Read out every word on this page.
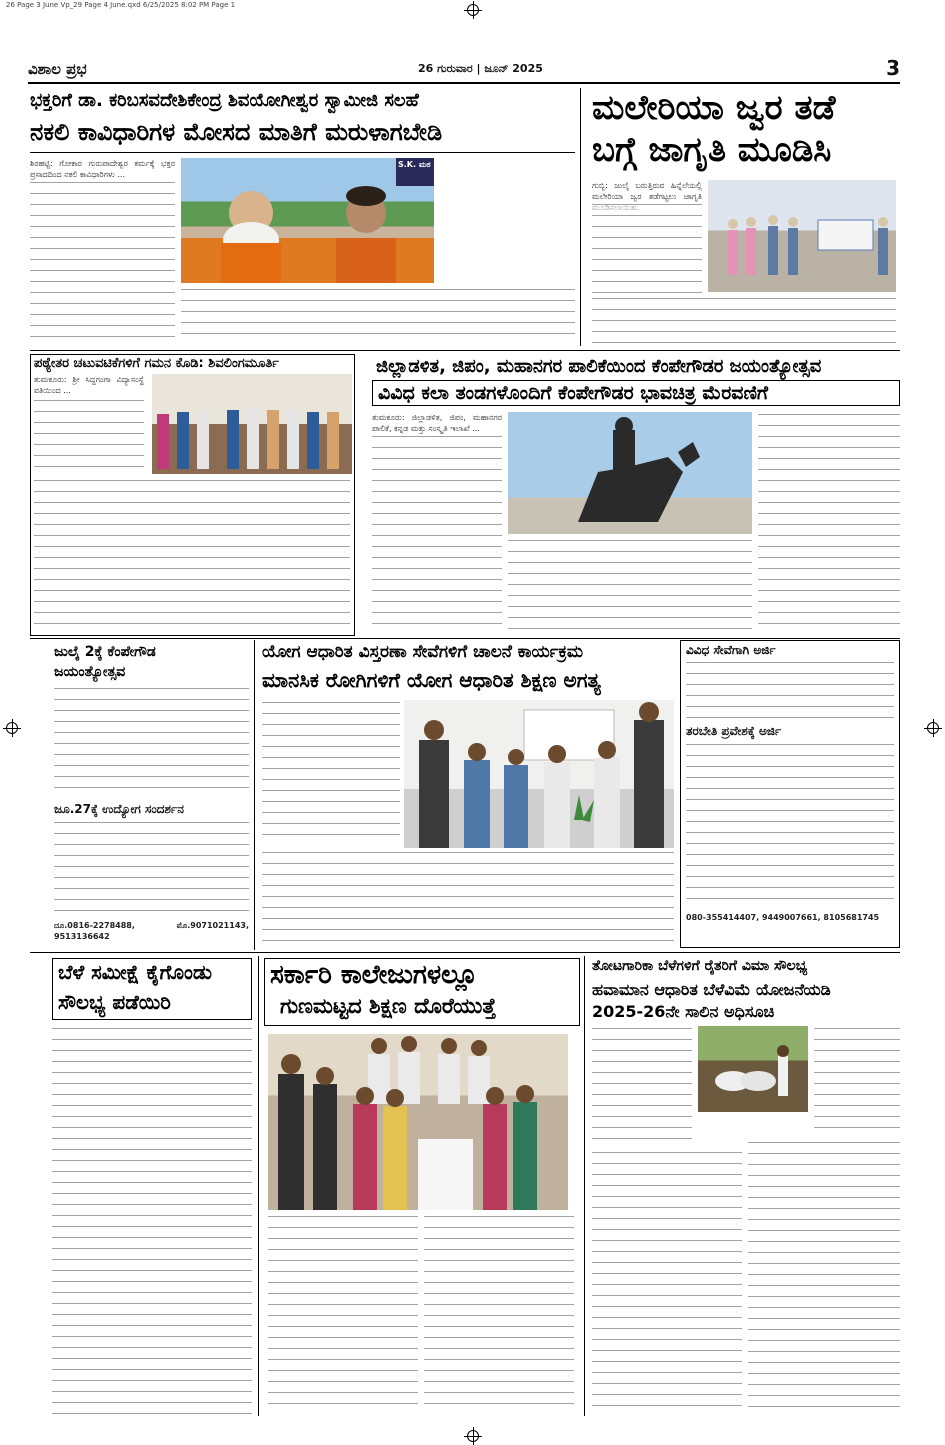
26 Page 3 June Vp_29 Page 4 June.qxd 6/25/2025 8:02 PM Page 1
ವಿಶಾಲ ಪ್ರಭ	26 ಗುರುವಾರ | ಜೂನ್ 2025	3
ಭಕ್ತರಿಗೆ ಡಾ. ಕರಿಬಸವದೇಶಿಕೇಂದ್ರ ಶಿವಯೋಗೀಶ್ವರ ಸ್ವಾಮೀಜಿ ಸಲಹೆ
ನಕಲಿ ಕಾವಿಧಾರಿಗಳ ಮೋಸದ ಮಾತಿಗೆ ಮರುಳಾಗಬೇಡಿ
ಶಿರಹಟ್ಟಿ: ಗೋಕಾರ ಗುರುಪಾದೇಶ್ವರ ಕರ್ಮಕ್ಕೆ ಭಕ್ತರ ಪ್ರಸಾದದಿಂದ ನಕಲಿ ಕಾವಿಧಾರಿಗಳು ...
S.K. ಮಠ
ಮಲೇರಿಯಾ ಜ್ವರ ತಡೆ
ಬಗ್ಗೆ ಜಾಗೃತಿ ಮೂಡಿಸಿ
ಗುಬ್ಬಿ: ಜುಲೈ ಬರುತ್ತಿರುವ ಹಿನ್ನೆಲೆಯಲ್ಲಿ ಮಲೇರಿಯಾ ಜ್ವರ ತಡೆಗಟ್ಟಲು ಜಾಗೃತಿ
ಪಠ್ಯೇತರ ಚಟುವಟಿಕೆಗಳಿಗೆ ಗಮನ ಕೊಡಿ: ಶಿವಲಿಂಗಮೂರ್ತಿ
ತುಮಕೂರು: ಶ್ರೀ ಸಿದ್ದಗಂಗಾ ವಿದ್ಯಾಸಂಸ್ಥೆ ವತಿಯಿಂದ ...
ಜಿಲ್ಲಾಡಳಿತ, ಜಿಪಂ, ಮಹಾನಗರ ಪಾಲಿಕೆಯಿಂದ ಕೆಂಪೇಗೌಡರ ಜಯಂತ್ಯೋತ್ಸವ
ವಿವಿಧ ಕಲಾ ತಂಡಗಳೊಂದಿಗೆ ಕೆಂಪೇಗೌಡರ ಭಾವಚಿತ್ರ ಮೆರವಣಿಗೆ
ತುಮಕೂರು: ಜಿಲ್ಲಾಡಳಿತ, ಜಿಪಂ, ಮಹಾನಗರ ಪಾಲಿಕೆ, ಕನ್ನಡ ಮತ್ತು ಸಂಸ್ಕೃತಿ ಇಲಾಖೆ ...
ಜುಲೈ 2ಕ್ಕೆ ಕೆಂಪೇಗೌಡ
ಜಯಂತ್ಯೋತ್ಸವ
ಜೂ.27ಕ್ಕೆ ಉದ್ಯೋಗ ಸಂದರ್ಶನ
ದೂ.0816-2278488, ಮೊ.9071021143, 9513136642
ಯೋಗ ಆಧಾರಿತ ವಿಸ್ತರಣಾ ಸೇವೆಗಳಿಗೆ ಚಾಲನೆ ಕಾರ್ಯಕ್ರಮ
ಮಾನಸಿಕ ರೋಗಿಗಳಿಗೆ ಯೋಗ ಆಧಾರಿತ ಶಿಕ್ಷಣ ಅಗತ್ಯ
ವಿವಿಧ ಸೇವೆಗಾಗಿ ಅರ್ಜಿ
ತರಬೇತಿ ಪ್ರವೇಶಕ್ಕೆ ಅರ್ಜಿ
080-355414407, 9449007661, 8105681745
ಬೆಳೆ ಸಮೀಕ್ಷೆ ಕೈಗೊಂಡು
ಸೌಲಭ್ಯ ಪಡೆಯಿರಿ
ಸರ್ಕಾರಿ ಕಾಲೇಜುಗಳಲ್ಲೂ
ಗುಣಮಟ್ಟದ ಶಿಕ್ಷಣ ದೊರೆಯುತ್ತೆ
ತೋಟಗಾರಿಕಾ ಬೆಳೆಗಳಿಗೆ ರೈತರಿಗೆ ವಿಮಾ ಸೌಲಭ್ಯ
ಹವಾಮಾನ ಆಧಾರಿತ ಬೆಳೆವಿಮೆ ಯೋಜನೆಯಡಿ
2025-26ನೇ ಸಾಲಿನ ಅಧಿಸೂಚಿ
